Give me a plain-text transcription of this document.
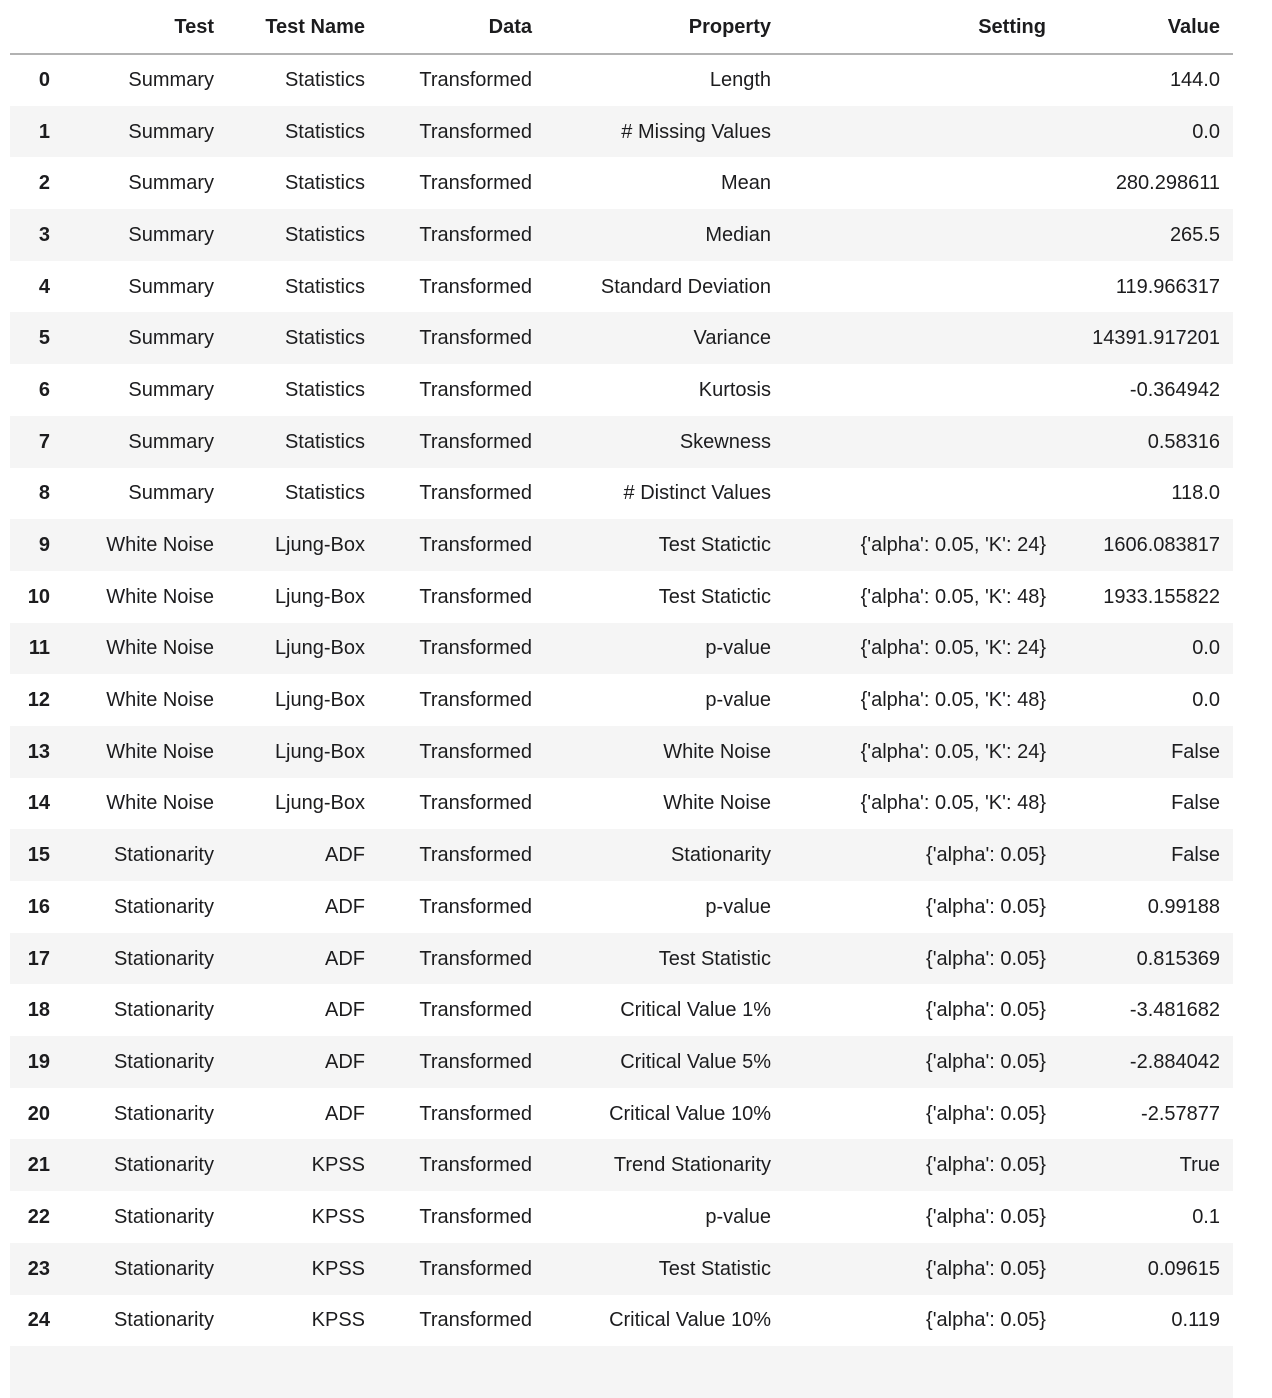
	Test	Test Name	Data	Property	Setting	Value
0	Summary	Statistics	Transformed	Length		144.0
1	Summary	Statistics	Transformed	# Missing Values		0.0
2	Summary	Statistics	Transformed	Mean		280.298611
3	Summary	Statistics	Transformed	Median		265.5
4	Summary	Statistics	Transformed	Standard Deviation		119.966317
5	Summary	Statistics	Transformed	Variance		14391.917201
6	Summary	Statistics	Transformed	Kurtosis		-0.364942
7	Summary	Statistics	Transformed	Skewness		0.58316
8	Summary	Statistics	Transformed	# Distinct Values		118.0
9	White Noise	Ljung-Box	Transformed	Test Statictic	{'alpha': 0.05, 'K': 24}	1606.083817
10	White Noise	Ljung-Box	Transformed	Test Statictic	{'alpha': 0.05, 'K': 48}	1933.155822
11	White Noise	Ljung-Box	Transformed	p-value	{'alpha': 0.05, 'K': 24}	0.0
12	White Noise	Ljung-Box	Transformed	p-value	{'alpha': 0.05, 'K': 48}	0.0
13	White Noise	Ljung-Box	Transformed	White Noise	{'alpha': 0.05, 'K': 24}	False
14	White Noise	Ljung-Box	Transformed	White Noise	{'alpha': 0.05, 'K': 48}	False
15	Stationarity	ADF	Transformed	Stationarity	{'alpha': 0.05}	False
16	Stationarity	ADF	Transformed	p-value	{'alpha': 0.05}	0.99188
17	Stationarity	ADF	Transformed	Test Statistic	{'alpha': 0.05}	0.815369
18	Stationarity	ADF	Transformed	Critical Value 1%	{'alpha': 0.05}	-3.481682
19	Stationarity	ADF	Transformed	Critical Value 5%	{'alpha': 0.05}	-2.884042
20	Stationarity	ADF	Transformed	Critical Value 10%	{'alpha': 0.05}	-2.57877
21	Stationarity	KPSS	Transformed	Trend Stationarity	{'alpha': 0.05}	True
22	Stationarity	KPSS	Transformed	p-value	{'alpha': 0.05}	0.1
23	Stationarity	KPSS	Transformed	Test Statistic	{'alpha': 0.05}	0.09615
24	Stationarity	KPSS	Transformed	Critical Value 10%	{'alpha': 0.05}	0.119
